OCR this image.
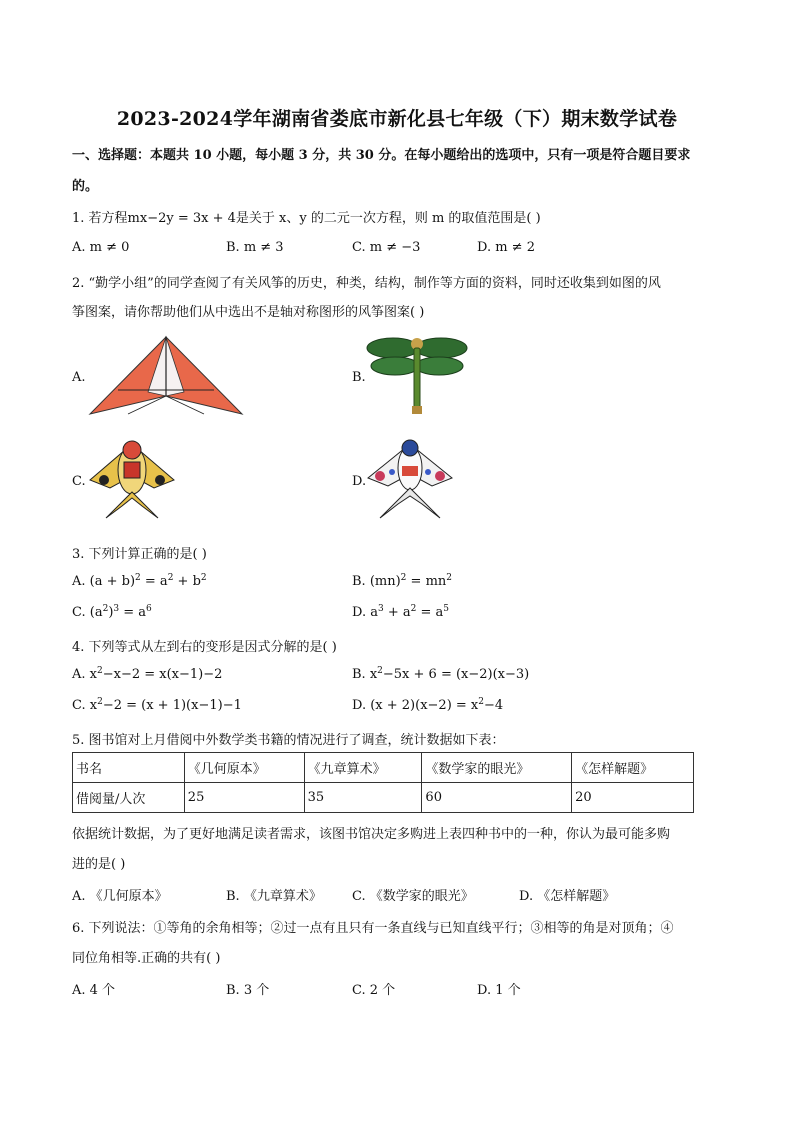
2023-2024学年湖南省娄底市新化县七年级（下）期末数学试卷
一、选择题：本题共 10 小题，每小题 3 分，共 30 分。在每小题给出的选项中，只有一项是符合题目要求
的。
1. 若方程mx−2y = 3x + 4是关于 x、y 的二元一次方程，则 m 的取值范围是( )
A. m ≠ 0	B. m ≠ 3	C. m ≠ −3	D. m ≠ 2
2. “勤学小组”的同学查阅了有关风筝的历史，种类，结构，制作等方面的资料，同时还收集到如图的风
筝图案，请你帮助他们从中选出不是轴对称图形的风筝图案( )
A.	B.
C.	D.
3. 下列计算正确的是( )
A. $(a + b)^2 = a^2 + b^2$	B. $(mn)^2 = mn^2$
C. $(a^2)^3 = a^6$	D. $a^3 + a^2 = a^5$
4. 下列等式从左到右的变形是因式分解的是( )
A. $x^2-x-2 = x(x-1)-2$	B. $x^2-5x + 6 = (x-2)(x-3)$
C. $x^2-2 = (x + 1)(x-1)-1$	D. $(x + 2)(x-2) = x^2-4$
5. 图书馆对上月借阅中外数学类书籍的情况进行了调查，统计数据如下表：
书名	《几何原本》	《九章算术》	《数学家的眼光》	《怎样解题》
借阅量/人次	25	35	60	20
依据统计数据，为了更好地满足读者需求，该图书馆决定多购进上表四种书中的一种，你认为最可能多购
进的是( )
A. 《几何原本》	B. 《九章算术》 C. 《数学家的眼光》	D. 《怎样解题》
6. 下列说法：①等角的余角相等；②过一点有且只有一条直线与已知直线平行；③相等的角是对顶角；④
同位角相等.正确的共有( )
A. 4 个	B. 3 个	C. 2 个	D. 1 个
